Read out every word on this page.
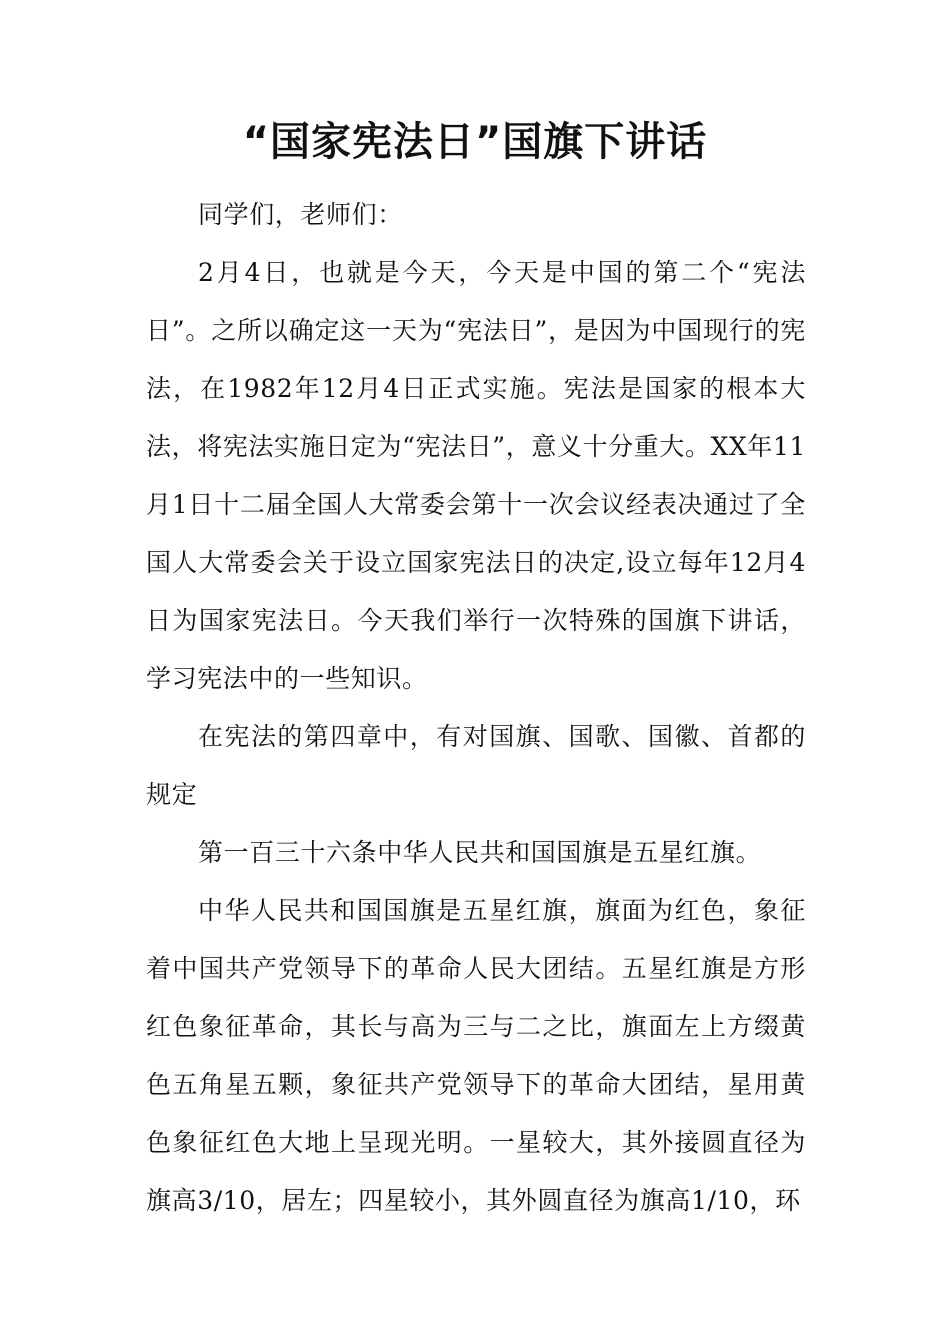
“国家宪法日”国旗下讲话

同学们，老师们：

2月4日，也就是今天，今天是中国的第二个“宪法日”。之所以确定这一天为“宪法日”，是因为中国现行的宪法，在1982年12月4日正式实施。宪法是国家的根本大法，将宪法实施日定为“宪法日”，意义十分重大。XX年11月1日十二届全国人大常委会第十一次会议经表决通过了全国人大常委会关于设立国家宪法日的决定,设立每年12月4日为国家宪法日。今天我们举行一次特殊的国旗下讲话，学习宪法中的一些知识。

在宪法的第四章中，有对国旗、国歌、国徽、首都的规定

第一百三十六条中华人民共和国国旗是五星红旗。

中华人民共和国国旗是五星红旗，旗面为红色，象征着中国共产党领导下的革命人民大团结。五星红旗是方形红色象征革命，其长与高为三与二之比，旗面左上方缀黄色五角星五颗，象征共产党领导下的革命大团结，星用黄色象征红色大地上呈现光明。一星较大，其外接圆直径为旗高3/10，居左；四星较小，其外圆直径为旗高1/10，环
